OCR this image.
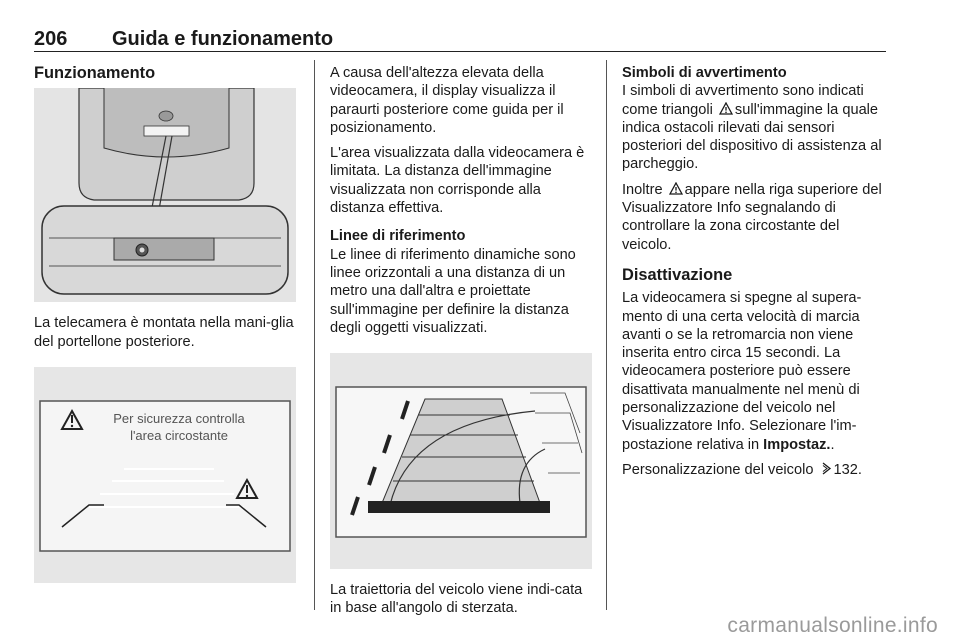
206 Guida e funzionamento
Funzionamento

La telecamera è montata nella mani-glia del portellone posteriore.

Per sicurezza controlla
l'area circostante

A causa dell'altezza elevata della videocamera, il display visualizza il paraurti posteriore come guida per il posizionamento.

L'area visualizzata dalla videocamera è limitata. La distanza dell'immagine visualizzata non corrisponde alla distanza effettiva.

Linee di riferimento

Le linee di riferimento dinamiche sono linee orizzontali a una distanza di un metro una dall'altra e proiettate sull'immagine per definire la distanza degli oggetti visualizzati.

La traiettoria del veicolo viene indi-cata in base all'angolo di sterzata.

Simboli di avvertimento

I simboli di avvertimento sono indicati come triangoli sull'immagine la quale indica ostacoli rilevati dai sensori posteriori del dispositivo di assistenza al parcheggio.

Inoltre appare nella riga superiore del Visualizzatore Info segnalando di controllare la zona circostante del veicolo.

Disattivazione

La videocamera si spegne al supera-mento di una certa velocità di marcia avanti o se la retromarcia non viene inserita entro circa 15 secondi. La videocamera posteriore può essere disattivata manualmente nel menù di personalizzazione del veicolo nel Visualizzatore Info. Selezionare l'im-postazione relativa in Impostaz..

Personalizzazione del veicolo 132.

carmanualsonline.info
